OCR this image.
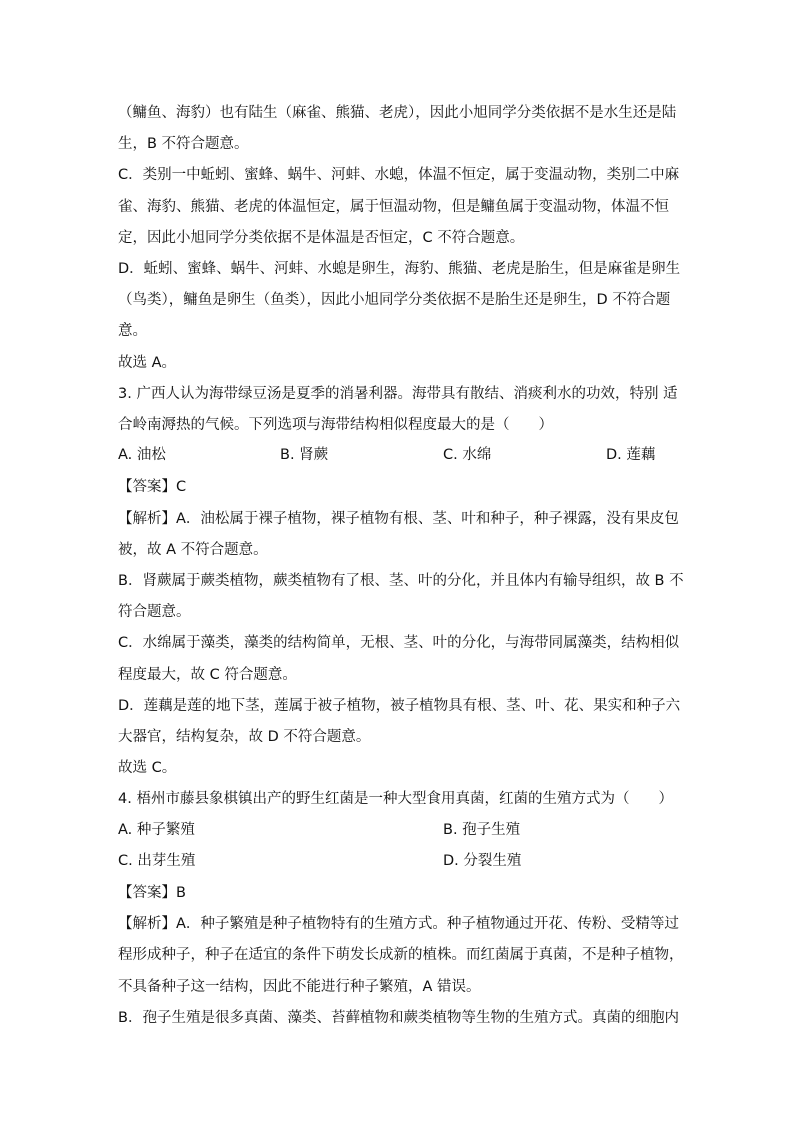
（鳙鱼、海豹）也有陆生（麻雀、熊猫、老虎），因此小旭同学分类依据不是水生还是陆
生，B 不符合题意。
C．类别一中蚯蚓、蜜蜂、蜗牛、河蚌、水螅，体温不恒定，属于变温动物，类别二中麻
雀、海豹、熊猫、老虎的体温恒定，属于恒温动物，但是鳙鱼属于变温动物，体温不恒
定，因此小旭同学分类依据不是体温是否恒定，C 不符合题意。
D．蚯蚓、蜜蜂、蜗牛、河蚌、水螅是卵生，海豹、熊猫、老虎是胎生，但是麻雀是卵生
（鸟类），鳙鱼是卵生（鱼类），因此小旭同学分类依据不是胎生还是卵生，D 不符合题
意。
故选 A。
3. 广西人认为海带绿豆汤是夏季的消暑利器。海带具有散结、消痰利水的功效，特别 适
合岭南溽热的气候。下列选项与海带结构相似程度最大的是（　　）
【答案】C
【解析】A．油松属于裸子植物，裸子植物有根、茎、叶和种子，种子裸露，没有果皮包
被，故 A 不符合题意。
B．肾蕨属于蕨类植物，蕨类植物有了根、茎、叶的分化，并且体内有输导组织，故 B 不
符合题意。
C．水绵属于藻类，藻类的结构简单，无根、茎、叶的分化，与海带同属藻类，结构相似
程度最大，故 C 符合题意。
D．莲藕是莲的地下茎，莲属于被子植物，被子植物具有根、茎、叶、花、果实和种子六
大器官，结构复杂，故 D 不符合题意。
故选 C。
4. 梧州市藤县象棋镇出产的野生红菌是一种大型食用真菌，红菌的生殖方式为（　　）
【答案】B
【解析】A．种子繁殖是种子植物特有的生殖方式。种子植物通过开花、传粉、受精等过
程形成种子，种子在适宜的条件下萌发长成新的植株。而红菌属于真菌，不是种子植物，
不具备种子这一结构，因此不能进行种子繁殖，A 错误。
B．孢子生殖是很多真菌、藻类、苔藓植物和蕨类植物等生物的生殖方式。真菌的细胞内
A. 油松	B. 肾蕨	C. 水绵	D. 莲藕
A. 种子繁殖	B. 孢子生殖
C. 出芽生殖	D. 分裂生殖
